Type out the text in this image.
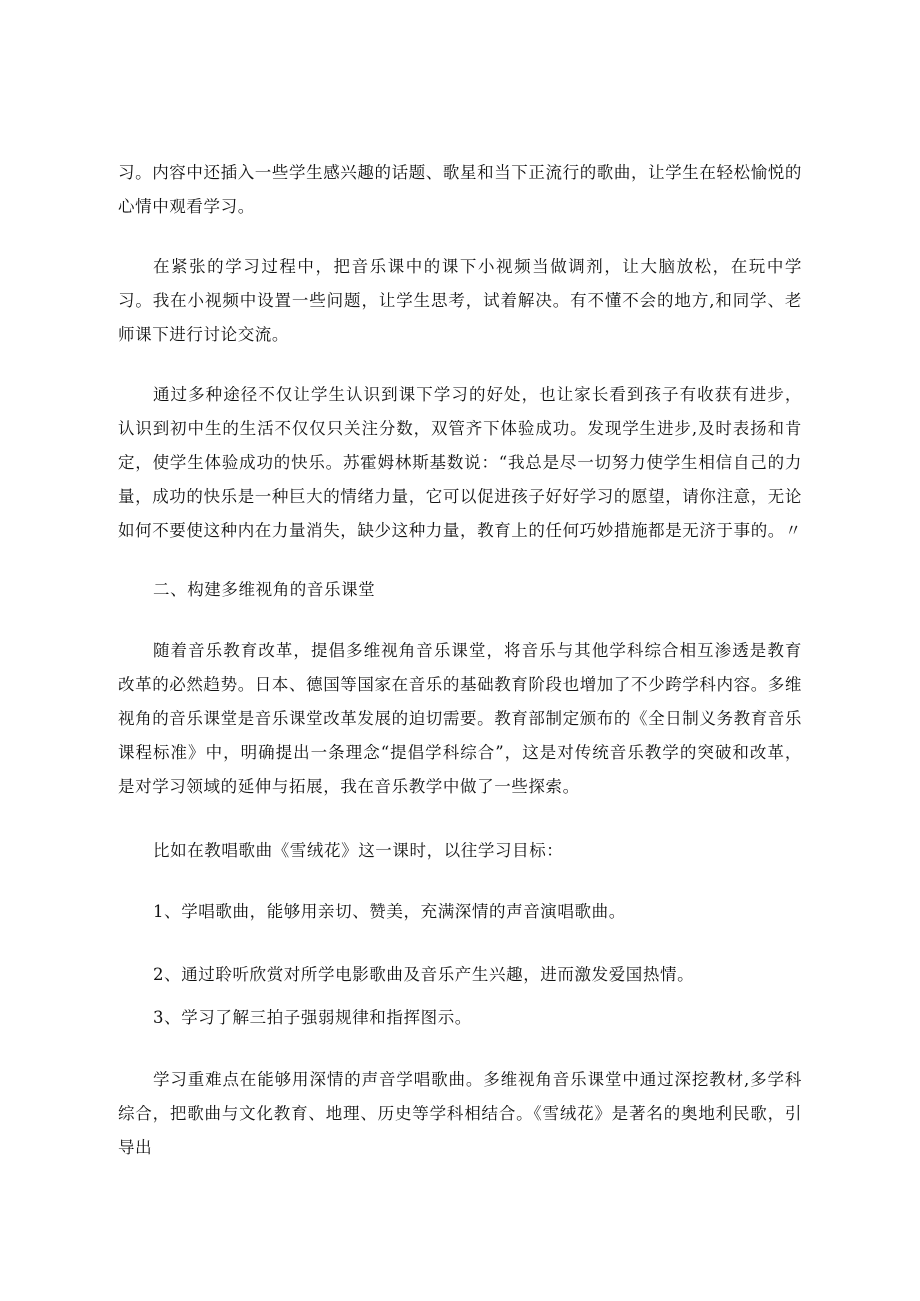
习。内容中还插入一些学生感兴趣的话题、歌星和当下正流行的歌曲，让学生在轻松愉悦的心情中观看学习。

在紧张的学习过程中，把音乐课中的课下小视频当做调剂，让大脑放松，在玩中学习。我在小视频中设置一些问题，让学生思考，试着解决。有不懂不会的地方,和同学、老师课下进行讨论交流。

通过多种途径不仅让学生认识到课下学习的好处，也让家长看到孩子有收获有进步，认识到初中生的生活不仅仅只关注分数，双管齐下体验成功。发现学生进步,及时表扬和肯定，使学生体验成功的快乐。苏霍姆林斯基数说：“我总是尽一切努力使学生相信自己的力量，成功的快乐是一种巨大的情绪力量，它可以促进孩子好好学习的愿望，请你注意，无论如何不要使这种内在力量消失，缺少这种力量，教育上的任何巧妙措施都是无济于事的。〃

二、构建多维视角的音乐课堂

随着音乐教育改革，提倡多维视角音乐课堂，将音乐与其他学科综合相互渗透是教育改革的必然趋势。日本、德国等国家在音乐的基础教育阶段也增加了不少跨学科内容。多维视角的音乐课堂是音乐课堂改革发展的迫切需要。教育部制定颁布的《全日制义务教育音乐课程标准》中，明确提出一条理念“提倡学科综合”，这是对传统音乐教学的突破和改革，是对学习领域的延伸与拓展，我在音乐教学中做了一些探索。

比如在教唱歌曲《雪绒花》这一课时，以往学习目标：

1、学唱歌曲，能够用亲切、赞美，充满深情的声音演唱歌曲。

2、通过聆听欣赏对所学电影歌曲及音乐产生兴趣，进而激发爱国热情。

3、学习了解三拍子强弱规律和指挥图示。

学习重难点在能够用深情的声音学唱歌曲。多维视角音乐课堂中通过深挖教材,多学科综合，把歌曲与文化教育、地理、历史等学科相结合。《雪绒花》是著名的奥地利民歌，引导出
